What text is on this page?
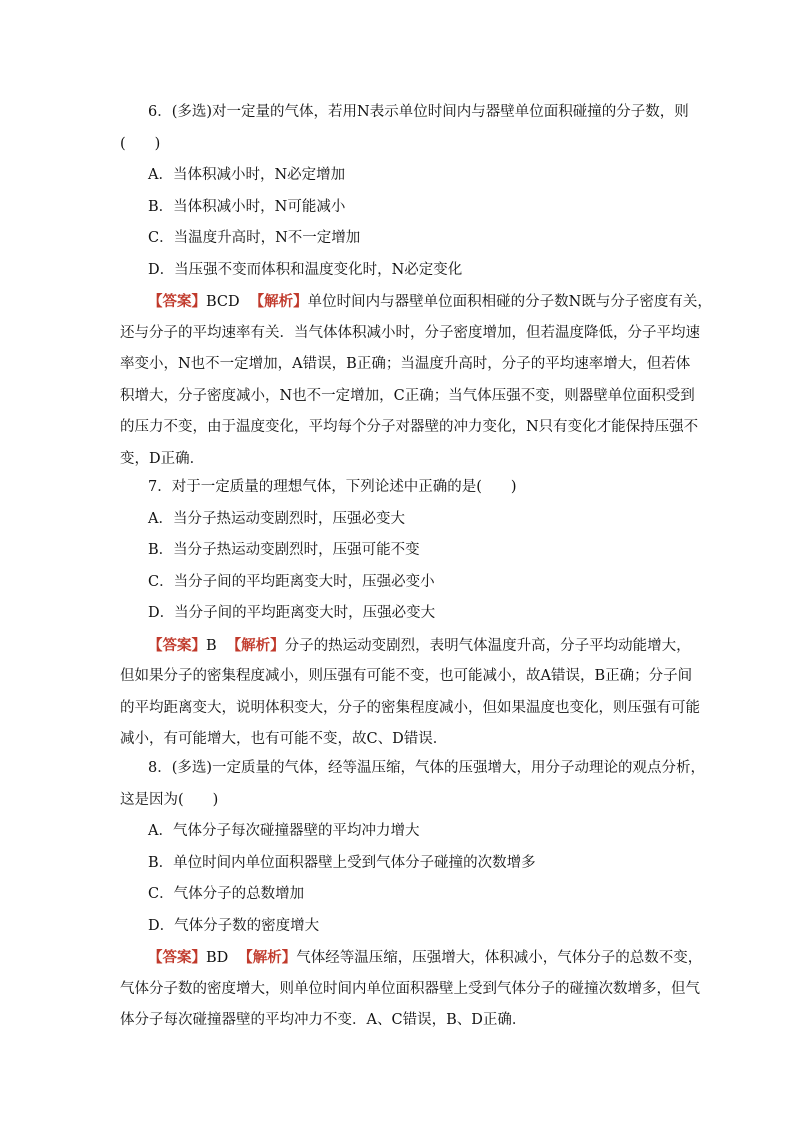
6．(多选)对一定量的气体，若用N表示单位时间内与器壁单位面积碰撞的分子数，则
(　　)
A．当体积减小时，N必定增加
B．当体积减小时，N可能减小
C．当温度升高时，N不一定增加
D．当压强不变而体积和温度变化时，N必定变化
【答案】BCD 【解析】单位时间内与器壁单位面积相碰的分子数N既与分子密度有关，
还与分子的平均速率有关．当气体体积减小时，分子密度增加，但若温度降低，分子平均速
率变小，N也不一定增加，A错误，B正确；当温度升高时，分子的平均速率增大，但若体
积增大，分子密度减小，N也不一定增加，C正确；当气体压强不变，则器壁单位面积受到
的压力不变，由于温度变化，平均每个分子对器壁的冲力变化，N只有变化才能保持压强不
变，D正确．
7．对于一定质量的理想气体，下列论述中正确的是(　　)
A．当分子热运动变剧烈时，压强必变大
B．当分子热运动变剧烈时，压强可能不变
C．当分子间的平均距离变大时，压强必变小
D．当分子间的平均距离变大时，压强必变大
【答案】B 【解析】分子的热运动变剧烈，表明气体温度升高，分子平均动能增大，
但如果分子的密集程度减小，则压强有可能不变，也可能减小，故A错误，B正确；分子间
的平均距离变大，说明体积变大，分子的密集程度减小，但如果温度也变化，则压强有可能
减小，有可能增大，也有可能不变，故C、D错误．
8．(多选)一定质量的气体，经等温压缩，气体的压强增大，用分子动理论的观点分析，
这是因为(　　)
A．气体分子每次碰撞器壁的平均冲力增大
B．单位时间内单位面积器壁上受到气体分子碰撞的次数增多
C．气体分子的总数增加
D．气体分子数的密度增大
【答案】BD 【解析】气体经等温压缩，压强增大，体积减小，气体分子的总数不变，
气体分子数的密度增大，则单位时间内单位面积器壁上受到气体分子的碰撞次数增多，但气
体分子每次碰撞器壁的平均冲力不变．A、C错误，B、D正确．
